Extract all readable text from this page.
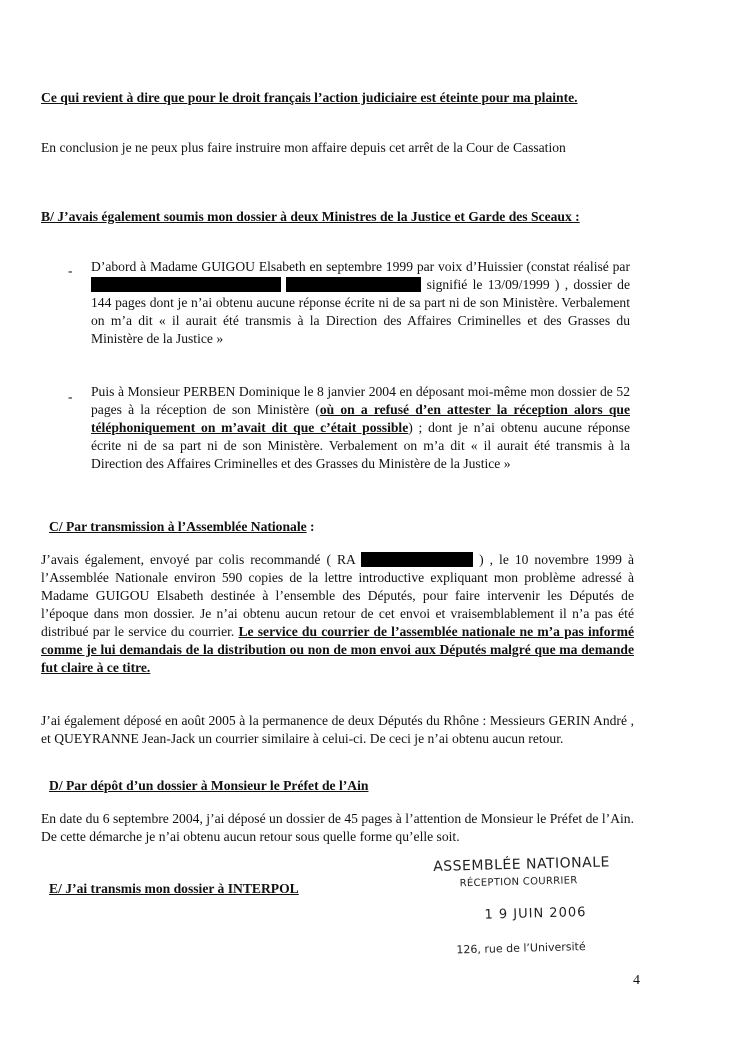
Ce qui revient à dire que pour le droit français l’action judiciaire est éteinte pour ma plainte.

En conclusion je ne peux plus faire instruire mon affaire depuis cet arrêt de la Cour de Cassation

B/ J’avais également soumis mon dossier à deux Ministres de la Justice et Garde des Sceaux :

- D’abord à Madame GUIGOU Elsabeth en septembre 1999 par voix d’Huissier (constat réalisé par   signifié le 13/09/1999 ) , dossier de 144 pages dont je n’ai obtenu aucune réponse écrite ni de sa part ni de son Ministère. Verbalement on m’a dit « il aurait été transmis à la Direction des Affaires Criminelles et des Grasses du Ministère de la Justice »

- Puis à Monsieur PERBEN Dominique le 8 janvier 2004 en déposant moi-même mon dossier de 52 pages à la réception de son Ministère (où on a refusé d’en attester la réception alors que téléphoniquement on m’avait dit que c’était possible) ; dont je n’ai obtenu aucune réponse écrite ni de sa part ni de son Ministère. Verbalement on m’a dit « il aurait été transmis à la Direction des Affaires Criminelles et des Grasses du Ministère de la Justice »

C/ Par transmission à l’Assemblée Nationale :

J’avais également, envoyé par colis recommandé ( RA	) , le 10 novembre 1999 à l’Assemblée Nationale environ 590 copies de la lettre introductive expliquant mon problème adressé à Madame GUIGOU Elsabeth destinée à l’ensemble des Députés, pour faire intervenir les Députés de l’époque dans mon dossier. Je n’ai obtenu aucun retour de cet envoi et vraisemblablement il n’a pas été distribué par le service du courrier. Le service du courrier de l’assemblée nationale ne m’a pas informé comme je lui demandais de la distribution ou non de mon envoi aux Députés malgré que ma demande fut claire à ce titre.

J’ai également déposé en août 2005 à la permanence de deux Députés du Rhône : Messieurs GERIN André , et QUEYRANNE Jean-Jack un courrier similaire à celui-ci. De ceci je n’ai obtenu aucun retour.

D/ Par dépôt d’un dossier à Monsieur le Préfet de l’Ain

En date du 6 septembre 2004, j’ai déposé un dossier de 45 pages à l’attention de Monsieur le Préfet de l’Ain. De cette démarche je n’ai obtenu aucun retour sous quelle forme qu’elle soit.

E/ J’ai transmis mon dossier à INTERPOL

ASSEMBLÉE NATIONALE
RÉCEPTION COURRIER
1 9 JUIN 2006
126, rue de l’Université
4
